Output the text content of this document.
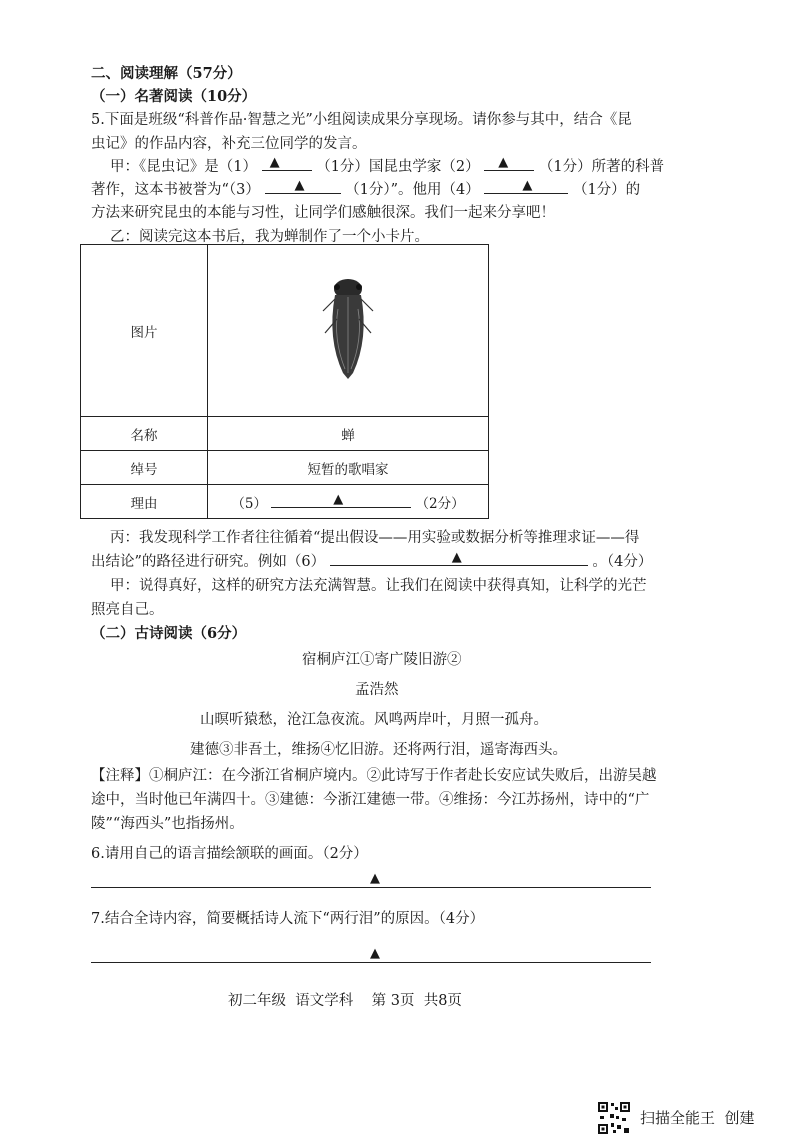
二、阅读理解（57分）
（一）名著阅读（10分）
5.下面是班级“科普作品·智慧之光”小组阅读成果分享现场。请你参与其中，结合《昆
虫记》的作品内容，补充三位同学的发言。
甲：《昆虫记》是（1） ▲	（1分）国昆虫学家（2） ▲ （1分）所著的科普
著作，这本书被誉为“（3）	▲	（1分）”。他用（4）	▲	（1分）的
方法来研究昆虫的本能与习性，让同学们感触很深。我们一起来分享吧！
乙：阅读完这本书后，我为蝉制作了一个小卡片。
图片	
名称	蝉
绰号	短暂的歌唱家
理由	（5） ▲ （2分）
丙：我发现科学工作者往往循着“提出假设——用实验或数据分析等推理求证——得
出结论”的路径进行研究。例如（6）	▲	。（4分）
甲：说得真好，这样的研究方法充满智慧。让我们在阅读中获得真知，让科学的光芒
照亮自己。
（二）古诗阅读（6分）
宿桐庐江①寄广陵旧游②
孟浩然
山暝听猿愁，沧江急夜流。风鸣两岸叶，月照一孤舟。
建德③非吾土，维扬④忆旧游。还将两行泪，遥寄海西头。
【注释】①桐庐江：在今浙江省桐庐境内。②此诗写于作者赴长安应试失败后，出游吴越
途中，当时他已年满四十。③建德：今浙江建德一带。④维扬：今江苏扬州，诗中的“广
陵”“海西头”也指扬州。
6.请用自己的语言描绘颔联的画面。（2分）
▲
7.结合全诗内容，简要概括诗人流下“两行泪”的原因。（4分）
▲
初二年级  语文学科    第 3页  共8页
扫描全能王  创建
